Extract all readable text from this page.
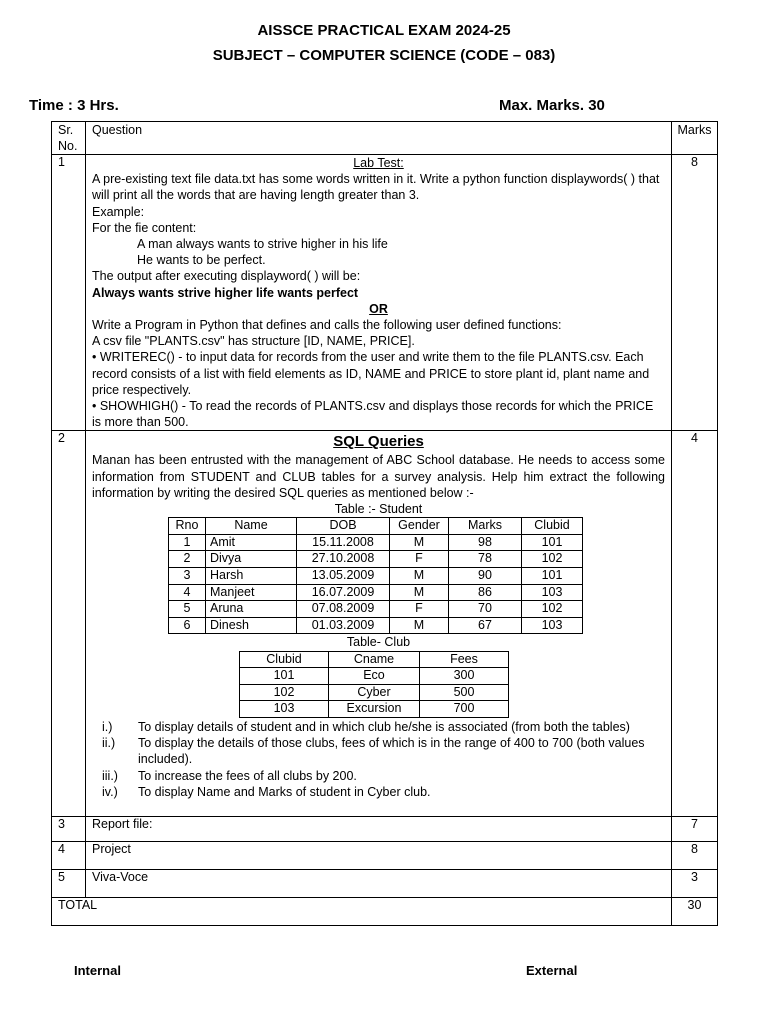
AISSCE PRACTICAL EXAM 2024-25
SUBJECT – COMPUTER SCIENCE (CODE – 083)
Time : 3 Hrs.	Max. Marks. 30
Sr.
No.	Question	Marks
1	Lab Test:
A pre-existing text file data.txt has some words written in it. Write a python function displaywords( ) that will print all the words that are having length greater than 3.
Example:
For the fie content:
A man always wants to strive higher in his life
He wants to be perfect.
The output after executing displayword( ) will be:
Always wants strive higher life wants perfect
OR
Write a Program in Python that defines and calls the following user defined functions:
A csv file "PLANTS.csv" has structure [ID, NAME, PRICE].
• WRITEREC() - to input data for records from the user and write them to the file PLANTS.csv. Each record consists of a list with field elements as ID, NAME and PRICE to store plant id, plant name and price respectively.
• SHOWHIGH() - To read the records of PLANTS.csv and displays those records for which the PRICE is more than 500.
	8
2	SQL Queries
Manan has been entrusted with the management of ABC School database. He needs to access some information from STUDENT and CLUB tables for a survey analysis. Help him extract the following information by writing the desired SQL queries as mentioned below :-
Table :- Student
Rno	Name	DOB	Gender	Marks	Clubid
1	Amit	15.11.2008	M	98	101
2	Divya	27.10.2008	F	78	102
3	Harsh	13.05.2009	M	90	101
4	Manjeet	16.07.2009	M	86	103
5	Aruna	07.08.2009	F	70	102
6	Dinesh	01.03.2009	M	67	103
Table- Club
Clubid	Cname	Fees
101	Eco	300
102	Cyber	500
103	Excursion	700
i.)	To display details of student and in which club he/she is associated (from both the tables)
ii.)	To display the details of those clubs, fees of which is in the range of 400 to 700 (both values included).
iii.)	To increase the fees of all clubs by 200.
iv.)	To display Name and Marks of student in Cyber club.
	4
3	Report file:	7
4	Project	8
5	Viva-Voce	3
TOTAL	30
Internal	External
